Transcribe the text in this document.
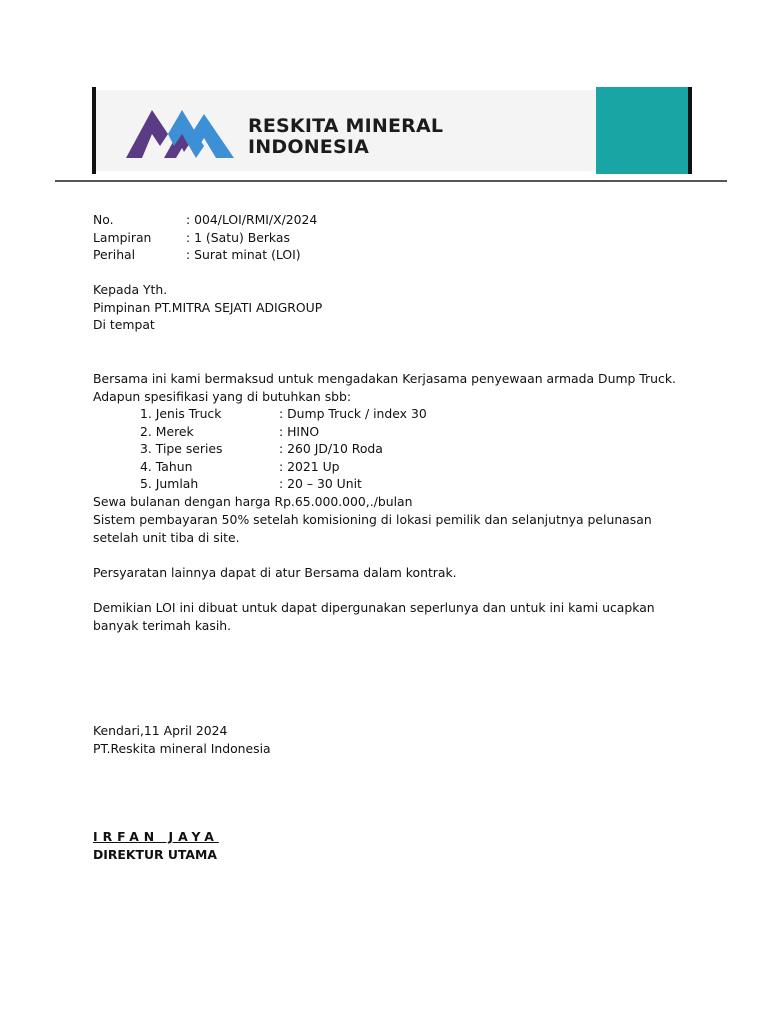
RESKITA MINERAL
INDONESIA
No.	: 004/LOI/RMI/X/2024
Lampiran	: 1 (Satu) Berkas
Perihal	: Surat minat (LOI)
Kepada Yth.
Pimpinan PT.MITRA SEJATI ADIGROUP
Di tempat
Bersama ini kami bermaksud untuk mengadakan Kerjasama penyewaan armada Dump Truck.
Adapun spesifikasi yang di butuhkan sbb:
1. Jenis Truck	: Dump Truck / index 30
2. Merek	: HINO
3. Tipe series	: 260 JD/10 Roda
4. Tahun	: 2021 Up
5. Jumlah	: 20 – 30 Unit
Sewa bulanan dengan harga Rp.65.000.000,./bulan
Sistem pembayaran 50% setelah komisioning di lokasi pemilik dan selanjutnya pelunasan setelah unit tiba di site.
Persyaratan lainnya dapat di atur Bersama dalam kontrak.
Demikian LOI ini dibuat untuk dapat dipergunakan seperlunya dan untuk ini kami ucapkan banyak terimah kasih.
Kendari,11 April 2024
PT.Reskita mineral Indonesia
IRFAN JAYA
DIREKTUR UTAMA
